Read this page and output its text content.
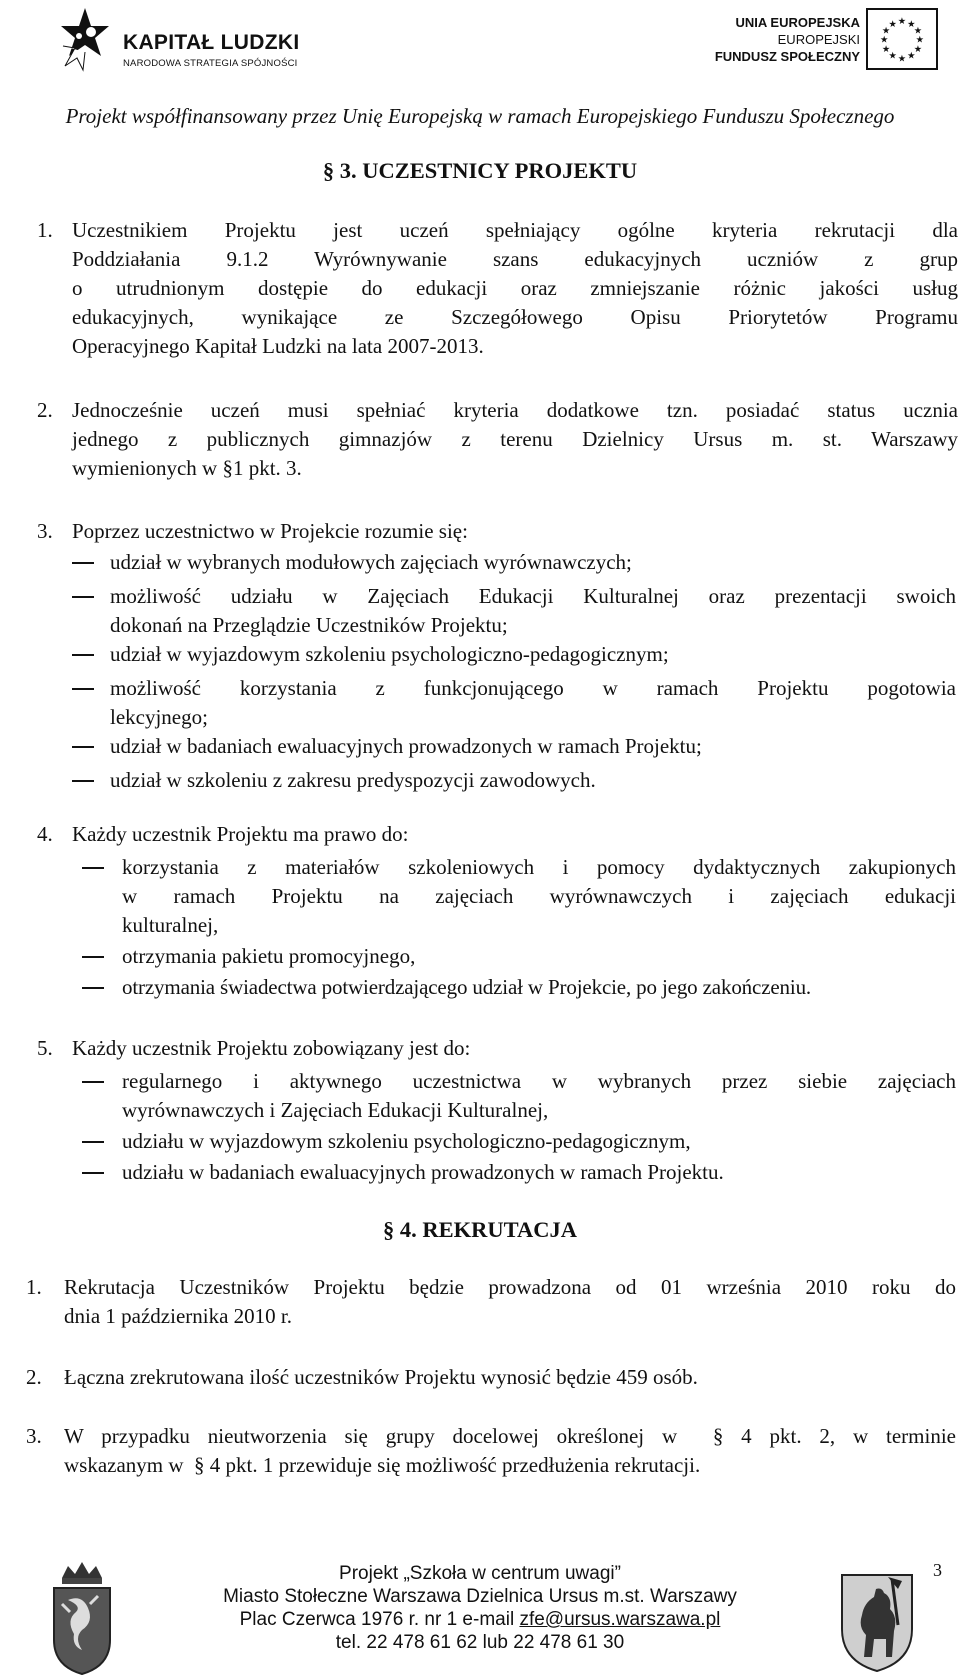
KAPITAŁ LUDZKI
NARODOWA STRATEGIA SPÓJNOŚCI
UNIA EUROPEJSKA
EUROPEJSKI
FUNDUSZ SPOŁECZNY
★ ★
★
★
★
★
★
★
★
★
★
★
Projekt współfinansowany przez Unię Europejską w ramach Europejskiego Funduszu Społecznego
§ 3. UCZESTNICY PROJEKTU
1. Uczestnikiem Projektu jest uczeń spełniający ogólne kryteria rekrutacji dla
Poddziałania 9.1.2 Wyrównywanie szans edukacyjnych uczniów z grup
o utrudnionym dostępie do edukacji oraz zmniejszanie różnic jakości usług
edukacyjnych, wynikające ze Szczegółowego Opisu Priorytetów Programu
Operacyjnego Kapitał Ludzki na lata 2007-2013.
2. Jednocześnie uczeń musi spełniać kryteria dodatkowe tzn. posiadać status ucznia
jednego z publicznych gimnazjów z terenu Dzielnicy Ursus m. st. Warszawy
wymienionych w §1 pkt. 3.
3. Poprzez uczestnictwo w Projekcie rozumie się:
udział w wybranych modułowych zajęciach wyrównawczych;
możliwość udziału w Zajęciach Edukacji Kulturalnej oraz prezentacji swoich
dokonań na Przeglądzie Uczestników Projektu;
udział w wyjazdowym szkoleniu psychologiczno-pedagogicznym;
możliwość korzystania z funkcjonującego w ramach Projektu pogotowia
lekcyjnego;
udział w badaniach ewaluacyjnych prowadzonych w ramach Projektu;
udział w szkoleniu z zakresu predyspozycji zawodowych.
4. Każdy uczestnik Projektu ma prawo do:
korzystania z materiałów szkoleniowych i pomocy dydaktycznych zakupionych
w ramach Projektu na zajęciach wyrównawczych i zajęciach edukacji
kulturalnej,
otrzymania pakietu promocyjnego,
otrzymania świadectwa potwierdzającego udział w Projekcie, po jego zakończeniu.
5. Każdy uczestnik Projektu zobowiązany jest do:
regularnego i aktywnego uczestnictwa w wybranych przez siebie zajęciach
wyrównawczych i Zajęciach Edukacji Kulturalnej,
udziału w wyjazdowym szkoleniu psychologiczno-pedagogicznym,
udziału w badaniach ewaluacyjnych prowadzonych w ramach Projektu.
§ 4. REKRUTACJA
1. Rekrutacja Uczestników Projektu będzie prowadzona od 01 września 2010 roku do
dnia 1 października 2010 r.
2. Łączna zrekrutowana ilość uczestników Projektu wynosić będzie 459 osób.
3. W przypadku nieutworzenia się grupy docelowej określonej w  § 4 pkt. 2, w terminie
wskazanym w  § 4 pkt. 1 przewiduje się możliwość przedłużenia rekrutacji.
3
Projekt „Szkoła w centrum uwagi”
Miasto Stołeczne Warszawa Dzielnica Ursus m.st. Warszawy
Plac Czerwca 1976 r. nr 1 e-mail zfe@ursus.warszawa.pl
tel. 22 478 61 62 lub 22 478 61 30
